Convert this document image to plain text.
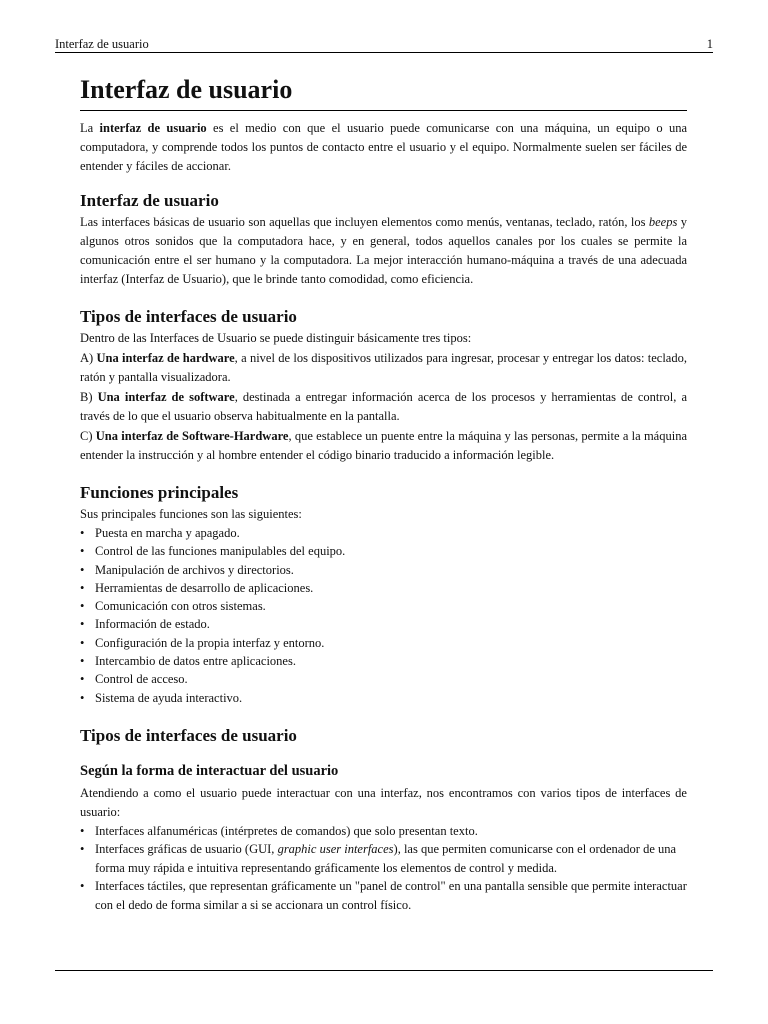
Interfaz de usuario	1
Interfaz de usuario

La interfaz de usuario es el medio con que el usuario puede comunicarse con una máquina, un equipo o una computadora, y comprende todos los puntos de contacto entre el usuario y el equipo. Normalmente suelen ser fáciles de entender y fáciles de accionar.

Interfaz de usuario

Las interfaces básicas de usuario son aquellas que incluyen elementos como menús, ventanas, teclado, ratón, los beeps y algunos otros sonidos que la computadora hace, y en general, todos aquellos canales por los cuales se permite la comunicación entre el ser humano y la computadora. La mejor interacción humano-máquina a través de una adecuada interfaz (Interfaz de Usuario), que le brinde tanto comodidad, como eficiencia.

Tipos de interfaces de usuario

Dentro de las Interfaces de Usuario se puede distinguir básicamente tres tipos:

A) Una interfaz de hardware, a nivel de los dispositivos utilizados para ingresar, procesar y entregar los datos: teclado, ratón y pantalla visualizadora.

B) Una interfaz de software, destinada a entregar información acerca de los procesos y herramientas de control, a través de lo que el usuario observa habitualmente en la pantalla.

C) Una interfaz de Software-Hardware, que establece un puente entre la máquina y las personas, permite a la máquina entender la instrucción y al hombre entender el código binario traducido a información legible.

Funciones principales

Sus principales funciones son las siguientes:

• Puesta en marcha y apagado.
• Control de las funciones manipulables del equipo.
• Manipulación de archivos y directorios.
• Herramientas de desarrollo de aplicaciones.
• Comunicación con otros sistemas.
• Información de estado.
• Configuración de la propia interfaz y entorno.
• Intercambio de datos entre aplicaciones.
• Control de acceso.
• Sistema de ayuda interactivo.
Tipos de interfaces de usuario
Según la forma de interactuar del usuario

Atendiendo a como el usuario puede interactuar con una interfaz, nos encontramos con varios tipos de interfaces de usuario:

• Interfaces alfanuméricas (intérpretes de comandos) que solo presentan texto.
• Interfaces gráficas de usuario (GUI, graphic user interfaces), las que permiten comunicarse con el ordenador de una forma muy rápida e intuitiva representando gráficamente los elementos de control y medida.
• Interfaces táctiles, que representan gráficamente un "panel de control" en una pantalla sensible que permite interactuar con el dedo de forma similar a si se accionara un control físico.
